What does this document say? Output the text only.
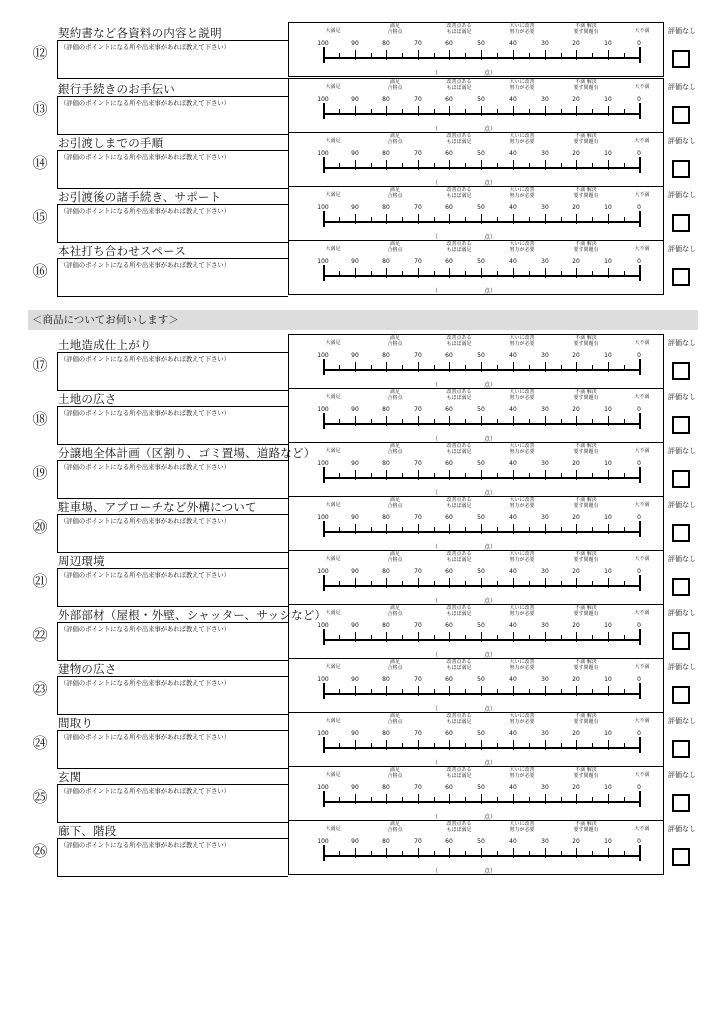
＜商品についてお伺いします＞
⑫
契約書など各資料の内容と説明
（評価のポイントになる所や出来事があれば教えて下さい）
大満足
満足
合格点
改善点ある
もほぼ満足
大いに改善
努力が必要
不満 解決
要す問題有	大不満
100	90	80	70	60	50	40	30	20	10	0
（	点）
評価なし
⑬
銀行手続きのお手伝い
（評価のポイントになる所や出来事があれば教えて下さい）
大満足
満足
合格点
改善点ある
もほぼ満足
大いに改善
努力が必要
不満 解決
要す問題有	大不満
100	90	80	70	60	50	40	30	20	10	0
（	点）
評価なし
⑭
お引渡しまでの手順
（評価のポイントになる所や出来事があれば教えて下さい）
大満足
満足
合格点
改善点ある
もほぼ満足
大いに改善
努力が必要
不満 解決
要す問題有	大不満
100	90	80	70	60	50	40	30	20	10	0
（	点）
評価なし
⑮
お引渡後の諸手続き、サポート
（評価のポイントになる所や出来事があれば教えて下さい）
大満足
満足
合格点
改善点ある
もほぼ満足
大いに改善
努力が必要
不満 解決
要す問題有	大不満
100	90	80	70	60	50	40	30	20	10	0
（	点）
評価なし
⑯
本社打ち合わせスペース
（評価のポイントになる所や出来事があれば教えて下さい）
大満足
満足
合格点
改善点ある
もほぼ満足
大いに改善
努力が必要
不満 解決
要す問題有	大不満
100	90	80	70	60	50	40	30	20	10	0
（	点）
評価なし
⑰
土地造成仕上がり
（評価のポイントになる所や出来事があれば教えて下さい）
大満足
満足
合格点
改善点ある
もほぼ満足
大いに改善
努力が必要
不満 解決
要す問題有	大不満
100	90	80	70	60	50	40	30	20	10	0
（	点）
評価なし
⑱
土地の広さ
（評価のポイントになる所や出来事があれば教えて下さい）
大満足
満足
合格点
改善点ある
もほぼ満足
大いに改善
努力が必要
不満 解決
要す問題有	大不満
100	90	80	70	60	50	40	30	20	10	0
（	点）
評価なし
⑲
分譲地全体計画（区割り、ゴミ置場、道路など）
（評価のポイントになる所や出来事があれば教えて下さい）
大満足
満足
合格点
改善点ある
もほぼ満足
大いに改善
努力が必要
不満 解決
要す問題有	大不満
100	90	80	70	60	50	40	30	20	10	0
（	点）
評価なし
⑳
駐車場、アプローチなど外構について
（評価のポイントになる所や出来事があれば教えて下さい）
大満足
満足
合格点
改善点ある
もほぼ満足
大いに改善
努力が必要
不満 解決
要す問題有	大不満
100	90	80	70	60	50	40	30	20	10	0
（	点）
評価なし
㉑
周辺環境
（評価のポイントになる所や出来事があれば教えて下さい）
大満足
満足
合格点
改善点ある
もほぼ満足
大いに改善
努力が必要
不満 解決
要す問題有	大不満
100	90	80	70	60	50	40	30	20	10	0
（	点）
評価なし
㉒
外部部材（屋根・外壁、シャッター、サッシなど）
（評価のポイントになる所や出来事があれば教えて下さい）
大満足
満足
合格点
改善点ある
もほぼ満足
大いに改善
努力が必要
不満 解決
要す問題有	大不満
100	90	80	70	60	50	40	30	20	10	0
（	点）
評価なし
㉓
建物の広さ
（評価のポイントになる所や出来事があれば教えて下さい）
大満足
満足
合格点
改善点ある
もほぼ満足
大いに改善
努力が必要
不満 解決
要す問題有	大不満
100	90	80	70	60	50	40	30	20	10	0
（	点）
評価なし
㉔
間取り
（評価のポイントになる所や出来事があれば教えて下さい）
大満足
満足
合格点
改善点ある
もほぼ満足
大いに改善
努力が必要
不満 解決
要す問題有	大不満
100	90	80	70	60	50	40	30	20	10	0
（	点）
評価なし
㉕
玄関
（評価のポイントになる所や出来事があれば教えて下さい）
大満足
満足
合格点
改善点ある
もほぼ満足
大いに改善
努力が必要
不満 解決
要す問題有	大不満
100	90	80	70	60	50	40	30	20	10	0
（	点）
評価なし
㉖
廊下、階段
（評価のポイントになる所や出来事があれば教えて下さい）
大満足
満足
合格点
改善点ある
もほぼ満足
大いに改善
努力が必要
不満 解決
要す問題有	大不満
100	90	80	70	60	50	40	30	20	10	0
（	点）
評価なし
